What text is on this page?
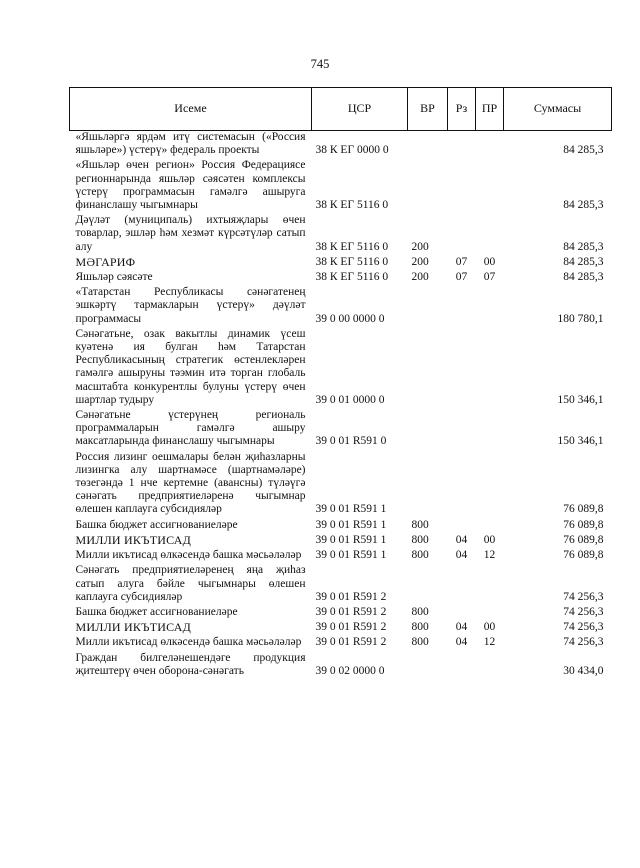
745
Исеме	ЦСР	ВР	Рз	ПР	Суммасы
«Яшьләргә ярдәм итү системасын («Россия яшьләре») үстерү» федераль проекты	38 К ЕГ 0000 0				84 285,3
«Яшьләр өчен регион» Россия Федерациясе регионнарында яшьләр сәясәтен комплексы үстерү программасын гамәлгә ашыруга финанслашу чыгымнары	38 К ЕГ 5116 0				84 285,3
Дәүләт (муниципаль) ихтыяҗлары өчен товарлар, эшләр һәм хезмәт күрсәтүләр сатып алу	38 К ЕГ 5116 0	200			84 285,3
МӘГАРИФ	38 К ЕГ 5116 0	200	07	00	84 285,3
Яшьләр сәясәте	38 К ЕГ 5116 0	200	07	07	84 285,3
«Татарстан Республикасы сәнәгатенең эшкәртү тармакларын үстерү» дәүләт программасы	39 0 00 0000 0				180 780,1
Сәнәгатьне, озак вакытлы динамик үсеш куәтенә ия булган һәм Татарстан Республикасының стратегик өстенлекләрен гамәлгә ашыруны тәэмин итә торган глобаль масштабта конкурентлы булуны үстерү өчен шартлар тудыру	39 0 01 0000 0				150 346,1
Сәнәгатьне үстерүнең региональ программаларын гамәлгә ашыру максатларында финанслашу чыгымнары	39 0 01 R591 0				150 346,1
Россия лизинг оешмалары белән җиһазларны лизингка алу шартнамәсе (шартнамәләре) төзегәндә 1 нче кертемне (авансны) түләүгә сәнәгать предприятиеләренә чыгымнар өлешен каплауга субсидияләр	39 0 01 R591 1				76 089,8
Башка бюджет ассигнованиеләре	39 0 01 R591 1	800			76 089,8
МИЛЛИ ИКЪТИСАД	39 0 01 R591 1	800	04	00	76 089,8
Милли икътисад өлкәсендә башка мәсьәләләр	39 0 01 R591 1	800	04	12	76 089,8
Сәнәгать предприятиеләренең яңа җиһаз сатып алуга бәйле чыгымнары өлешен каплауга субсидияләр	39 0 01 R591 2				74 256,3
Башка бюджет ассигнованиеләре	39 0 01 R591 2	800			74 256,3
МИЛЛИ ИКЪТИСАД	39 0 01 R591 2	800	04	00	74 256,3
Милли икътисад өлкәсендә башка мәсьәләләр	39 0 01 R591 2	800	04	12	74 256,3
Граждан билгеләнешендәге продукция җитештерү өчен оборона-сәнәгать	39 0 02 0000 0				30 434,0
